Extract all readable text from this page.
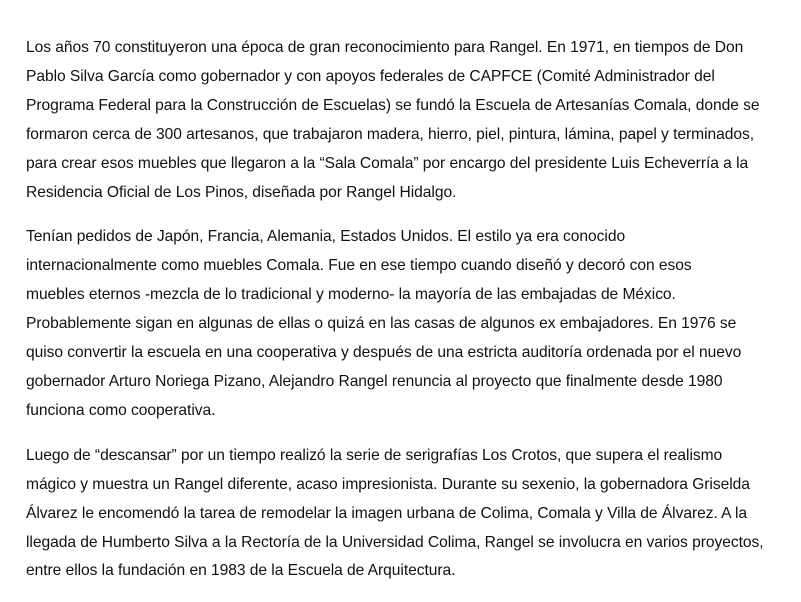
Los años 70 constituyeron una época de gran reconocimiento para Rangel. En 1971, en tiempos de Don
Pablo Silva García como gobernador y con apoyos federales de CAPFCE (Comité Administrador del
Programa Federal para la Construcción de Escuelas) se fundó la Escuela de Artesanías Comala, donde se
formaron cerca de 300 artesanos, que trabajaron madera, hierro, piel, pintura, lámina, papel y terminados,
para crear esos muebles que llegaron a la “Sala Comala” por encargo del presidente Luis Echeverría a la
Residencia Oficial de Los Pinos, diseñada por Rangel Hidalgo.

Tenían pedidos de Japón, Francia, Alemania, Estados Unidos. El estilo ya era conocido
internacionalmente como muebles Comala. Fue en ese tiempo cuando diseñó y decoró con esos
muebles eternos -mezcla de lo tradicional y moderno- la mayoría de las embajadas de México.
Probablemente sigan en algunas de ellas o quizá en las casas de algunos ex embajadores. En 1976 se
quiso convertir la escuela en una cooperativa y después de una estricta auditoría ordenada por el nuevo
gobernador Arturo Noriega Pizano, Alejandro Rangel renuncia al proyecto que finalmente desde 1980
funciona como cooperativa.

Luego de “descansar” por un tiempo realizó la serie de serigrafías Los Crotos, que supera el realismo
mágico y muestra un Rangel diferente, acaso impresionista. Durante su sexenio, la gobernadora Griselda
Álvarez le encomendó la tarea de remodelar la imagen urbana de Colima, Comala y Villa de Álvarez. A la
llegada de Humberto Silva a la Rectoría de la Universidad Colima, Rangel se involucra en varios proyectos,
entre ellos la fundación en 1983 de la Escuela de Arquitectura.
